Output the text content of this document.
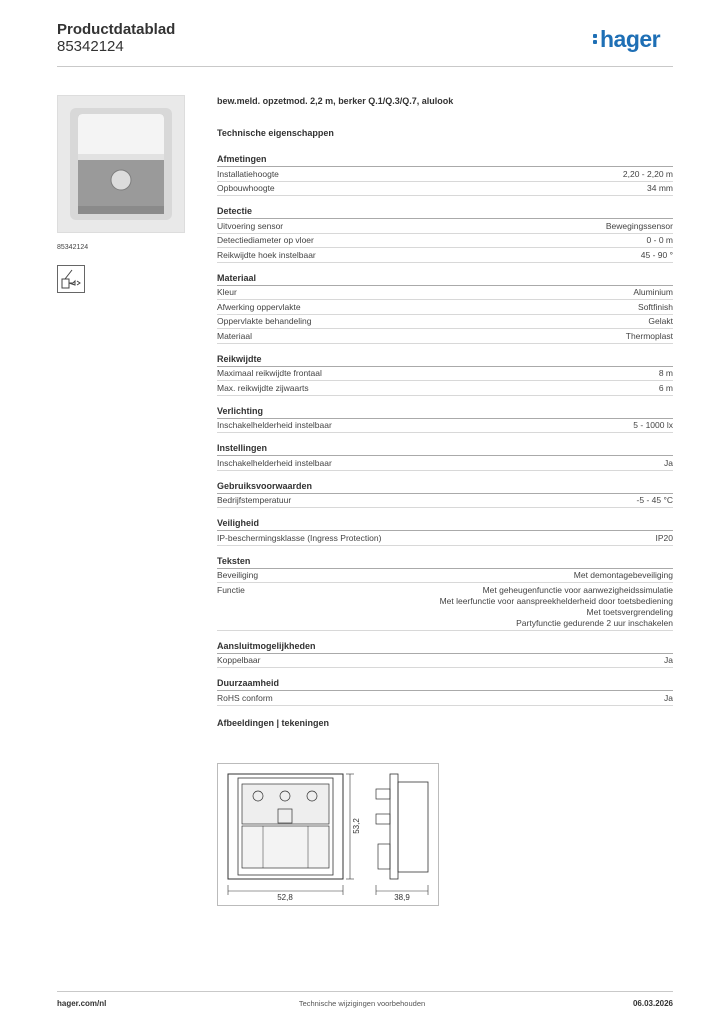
Productdatablad
85342124	hager
85342124
bew.meld. opzetmod. 2,2 m, berker Q.1/Q.3/Q.7, alulook
Technische eigenschappen
Afmetingen
Installatiehoogte	2,20 - 2,20 m
Opbouwhoogte	34 mm
Detectie
Uitvoering sensor	Bewegingssensor
Detectiediameter op vloer	0 - 0 m
Reikwijdte hoek instelbaar	45 - 90 °
Materiaal
Kleur	Aluminium
Afwerking oppervlakte	Softfinish
Oppervlakte behandeling	Gelakt
Materiaal	Thermoplast
Reikwijdte
Maximaal reikwijdte frontaal	8 m
Max. reikwijdte zijwaarts	6 m
Verlichting
Inschakelhelderheid instelbaar	5 - 1000 lx
Instellingen
Inschakelhelderheid instelbaar	Ja
Gebruiksvoorwaarden
Bedrijfstemperatuur	-5 - 45 °C
Veiligheid
IP-beschermingsklasse (Ingress Protection)	IP20
Teksten
Beveiliging	Met demontagebeveiliging
Functie	Met geheugenfunctie voor aanwezigheidssimulatie
Met leerfunctie voor aanspreekhelderheid door toetsbediening
Met toetsvergrendeling
Partyfunctie gedurende 2 uur inschakelen
Aansluitmogelijkheden
Koppelbaar	Ja
Duurzaamheid
RoHS conform	Ja
Afbeeldingen | tekeningen
52,8
53,2
38,9
hager.com/nl	Technische wijzigingen voorbehouden	06.03.2026
